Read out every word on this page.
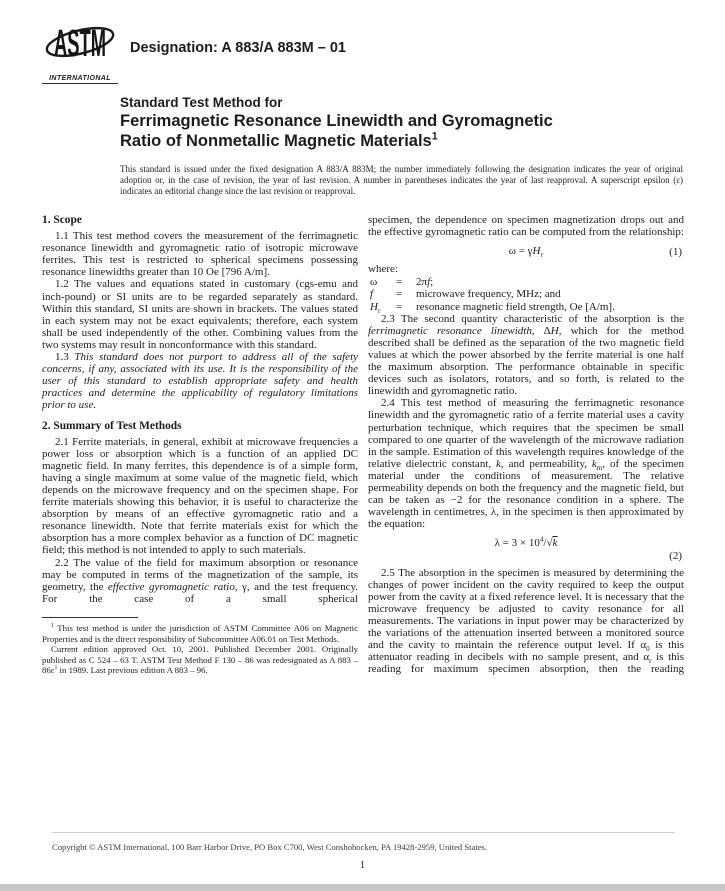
ASTM
INTERNATIONAL
Designation: A 883/A 883M – 01
Standard Test Method for
Ferrimagnetic Resonance Linewidth and Gyromagnetic
Ratio of Nonmetallic Magnetic Materials$^1$
This standard is issued under the fixed designation A 883/A 883M; the number immediately following the designation indicates the year of original adoption or, in the case of revision, the year of last revision. A number in parentheses indicates the year of last reapproval. A superscript epsilon (ε) indicates an editorial change since the last revision or reapproval.
1. Scope

1.1 This test method covers the measurement of the ferrimagnetic resonance linewidth and gyromagnetic ratio of isotropic microwave ferrites. This test is restricted to spherical specimens possessing resonance linewidths greater than 10 Oe [796 A/m].

1.2 The values and equations stated in customary (cgs-emu and inch-pound) or SI units are to be regarded separately as standard. Within this standard, SI units are shown in brackets. The values stated in each system may not be exact equivalents; therefore, each system shall be used independently of the other. Combining values from the two systems may result in nonconformance with this standard.

1.3 This standard does not purport to address all of the safety concerns, if any, associated with its use. It is the responsibility of the user of this standard to establish appropriate safety and health practices and determine the applicability of regulatory limitations prior to use.

2. Summary of Test Methods

2.1 Ferrite materials, in general, exhibit at microwave frequencies a power loss or absorption which is a function of an applied DC magnetic field. In many ferrites, this dependence is of a simple form, having a single maximum at some value of the magnetic field, which depends on the microwave frequency and on the specimen shape. For ferrite materials showing this behavior, it is useful to characterize the absorption by means of an effective gyromagnetic ratio and a resonance linewidth. Note that ferrite materials exist for which the absorption has a more complex behavior as a function of DC magnetic field; this method is not intended to apply to such materials.

2.2 The value of the field for maximum absorption or resonance may be computed in terms of the magnetization of the sample, its geometry, the effective gyromagnetic ratio, γ, and the test frequency. For the case of a small spherical

$^1$ This test method is under the jurisdiction of ASTM Committee A06 on Magnetic Properties and is the direct responsibility of Subcommittee A06.01 on Test Methods.

Current edition approved Oct. 10, 2001. Published December 2001. Originally published as C 524 – 63 T. ASTM Test Method F 130 – 86 was redesignated as A $883 - 86\varepsilon^1$ in 1989. Last previous edition A 883 – 96.

specimen, the dependence on specimen magnetization drops out and the effective gyromagnetic ratio can be computed from the relationship:

$\omega = \gamma H_r$	(1)
where:
ω	=	2πf;
f	=	microwave frequency, MHz; and
$H_r$	=	resonance magnetic field strength, Oe [A/m].

2.3 The second quantity characteristic of the absorption is the ferrimagnetic resonance linewidth, ΔH, which for the method described shall be defined as the separation of the two magnetic field values at which the power absorbed by the ferrite material is one half the maximum absorption. The performance obtainable in specific devices such as isolators, rotators, and so forth, is related to the linewidth and gyromagnetic ratio.

2.4 This test method of measuring the ferrimagnetic resonance linewidth and the gyromagnetic ratio of a ferrite material uses a cavity perturbation technique, which requires that the specimen be small compared to one quarter of the wavelength of the microwave radiation in the sample. Estimation of this wavelength requires knowledge of the relative dielectric constant, k, and permeability, $k_m$, of the specimen material under the conditions of measurement. The relative permeability depends on both the frequency and the magnetic field, but can be taken as −2 for the resonance condition in a sphere. The wavelength in centimetres, λ, in the specimen is then approximated by the equation:

$\lambda = 3 \times 10^4/√k$
(2)

2.5 The absorption in the specimen is measured by determining the changes of power incident on the cavity required to keep the output power from the cavity at a fixed reference level. It is necessary that the microwave frequency be adjusted to cavity resonance for all measurements. The variations in input power may be characterized by the variations of the attenuation inserted between a monitored source and the cavity to maintain the reference output level. If $\alpha_0$ is this attenuator reading in decibels with no sample present, and $\alpha_r$ is this reading for maximum specimen absorption, then the reading

Copyright © ASTM International, 100 Barr Harbor Drive, PO Box C700, West Conshohocken, PA 19428-2959, United States.
1
